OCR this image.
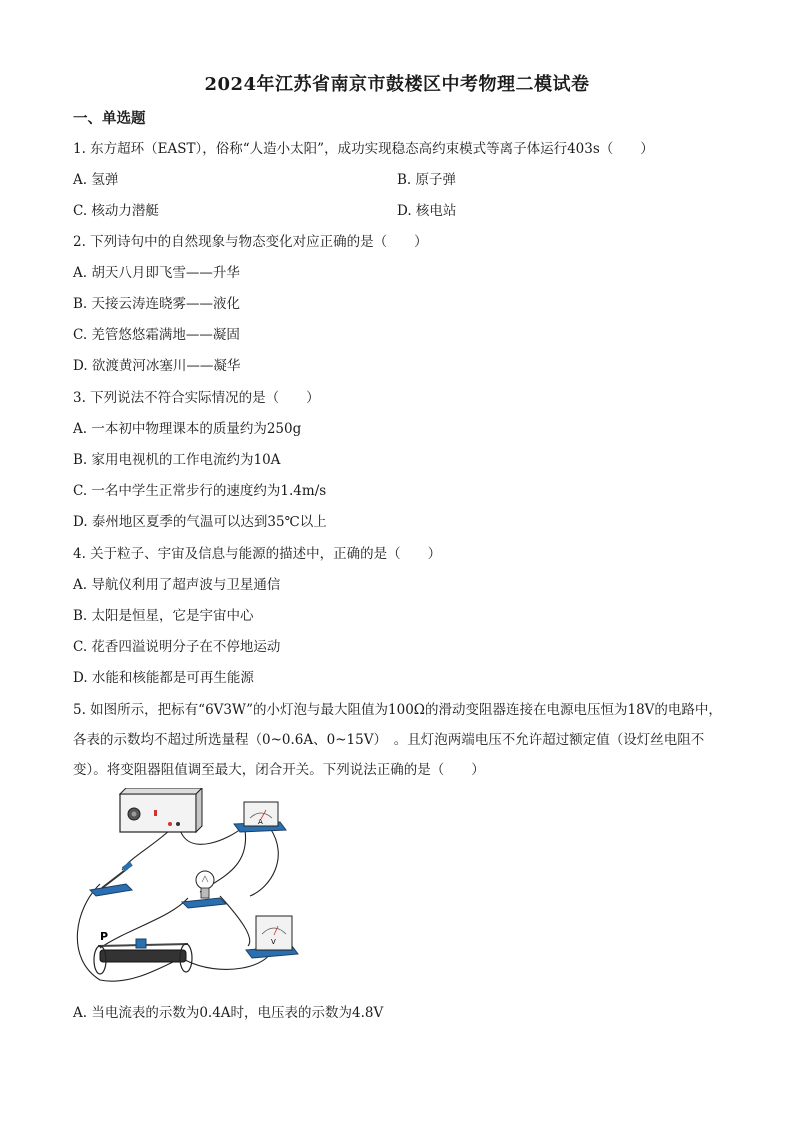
2024年江苏省南京市鼓楼区中考物理二模试卷
一、单选题
1. 东方超环（EAST），俗称“人造小太阳”，成功实现稳态高约束模式等离子体运行403s（　　）
A. 氢弹	B. 原子弹
C. 核动力潜艇	D. 核电站
2. 下列诗句中的自然现象与物态变化对应正确的是（　　）
A. 胡天八月即飞雪——升华
B. 天接云涛连晓雾——液化
C. 羌管悠悠霜满地——凝固
D. 欲渡黄河冰塞川——凝华
3. 下列说法不符合实际情况的是（　　）
A. 一本初中物理课本的质量约为250g
B. 家用电视机的工作电流约为10A
C. 一名中学生正常步行的速度约为1.4m/s
D. 泰州地区夏季的气温可以达到35℃以上
4. 关于粒子、宇宙及信息与能源的描述中，正确的是（　　）
A. 导航仪利用了超声波与卫星通信
B. 太阳是恒星，它是宇宙中心
C. 花香四溢说明分子在不停地运动
D. 水能和核能都是可再生能源
5. 如图所示，把标有“6V3W”的小灯泡与最大阻值为100Ω的滑动变阻器连接在电源电压恒为18V的电路中，各表的示数均不超过所选量程（0~0.6A、0~15V）　。且灯泡两端电压不允许超过额定值（设灯丝电阻不变）。将变阻器阻值调至最大，闭合开关。下列说法正确的是（　　）
A
V
P
A. 当电流表的示数为0.4A时，电压表的示数为4.8V
